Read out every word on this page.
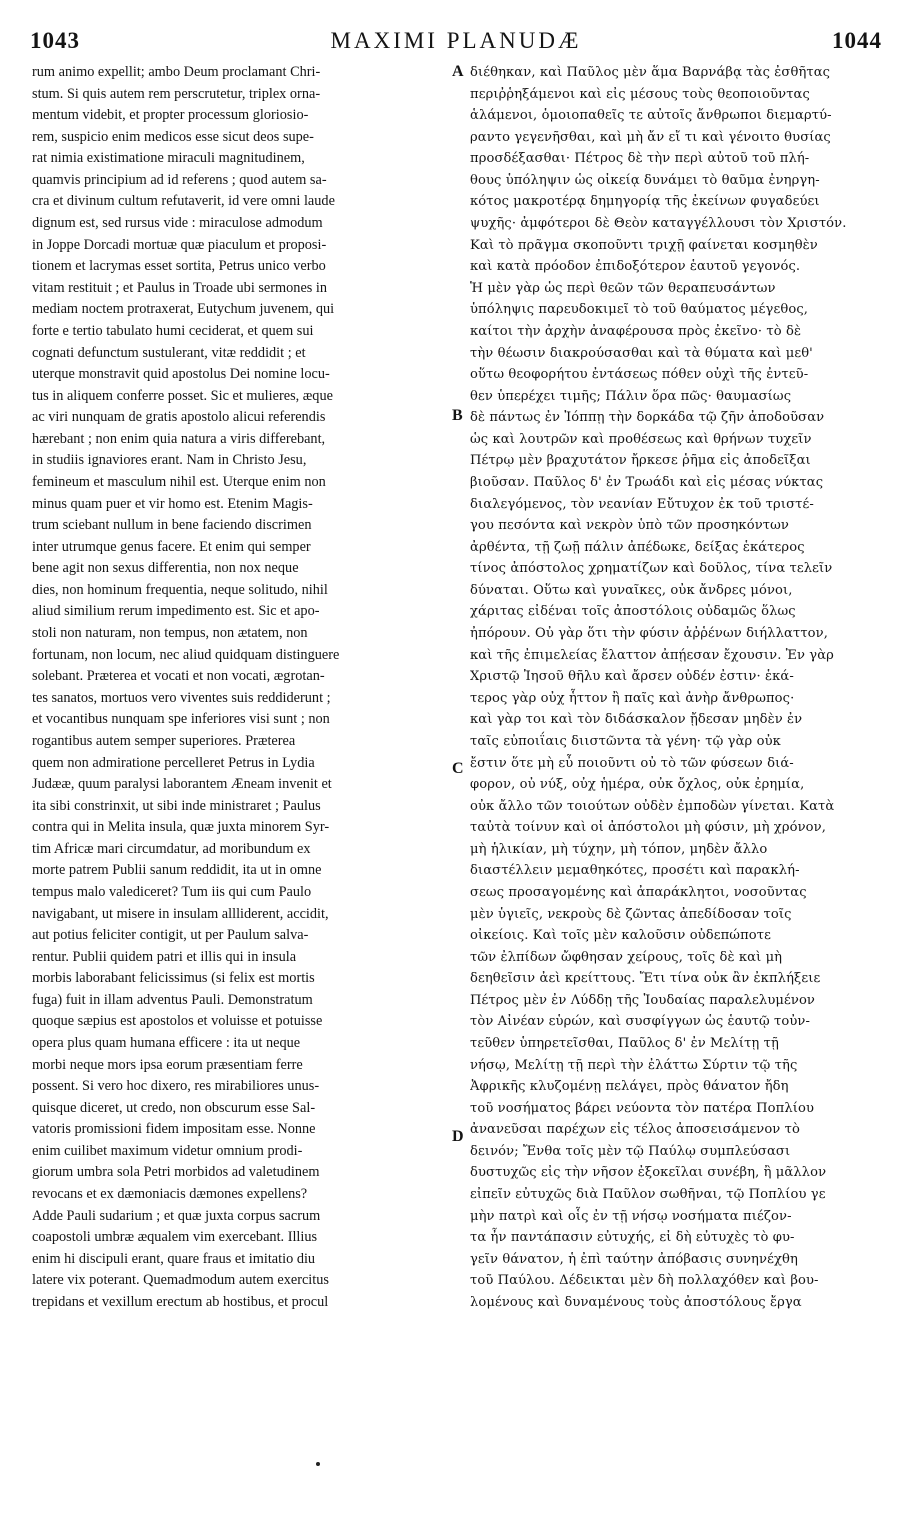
1043	MAXIMI PLANUDÆ	1044
rum animo expellit; ambo Deum proclamant Chri-
stum. Si quis autem rem perscrutetur, triplex orna-
mentum videbit, et propter processum gloriosio-
rem, suspicio enim medicos esse sicut deos supe-
rat nimia existimatione miraculi magnitudinem,
quamvis principium ad id referens ; quod autem sa-
cra et divinum cultum refutaverit, id vere omni laude
dignum est, sed rursus vide : miraculose admodum
in Joppe Dorcadi mortuæ quæ piaculum et proposi-
tionem et lacrymas esset sortita, Petrus unico verbo
vitam restituit ; et Paulus in Troade ubi sermones in
mediam noctem protraxerat, Eutychum juvenem, qui
forte e tertio tabulato humi ceciderat, et quem sui
cognati defunctum sustulerant, vitæ reddidit ; et
uterque monstravit quid apostolus Dei nomine locu-
tus in aliquem conferre posset. Sic et mulieres, æque
ac viri nunquam de gratis apostolo alicui referendis
hærebant ; non enim quia natura a viris differebant,
in studiis ignaviores erant. Nam in Christo Jesu,
femineum et masculum nihil est. Uterque enim non
minus quam puer et vir homo est. Etenim Magis-
trum sciebant nullum in bene faciendo discrimen
inter utrumque genus facere. Et enim qui semper
bene agit non sexus differentia, non nox neque
dies, non hominum frequentia, neque solitudo, nihil
aliud similium rerum impedimento est. Sic et apo-
stoli non naturam, non tempus, non ætatem, non
fortunam, non locum, nec aliud quidquam distinguere
solebant. Præterea et vocati et non vocati, ægrotan-
tes sanatos, mortuos vero viventes suis reddiderunt ;
et vocantibus nunquam spe inferiores visi sunt ; non
rogantibus autem semper superiores. Præterea
quem non admiratione percelleret Petrus in Lydia
Judææ, quum paralysi laborantem Æneam invenit et
ita sibi constrinxit, ut sibi inde ministraret ; Paulus
contra qui in Melita insula, quæ juxta minorem Syr-
tim Africæ mari circumdatur, ad moribundum ex
morte patrem Publii sanum reddidit, ita ut in omne
tempus malo valediceret? Tum iis qui cum Paulo
navigabant, ut misere in insulam allliderent, accidit,
aut potius feliciter contigit, ut per Paulum salva-
rentur. Publii quidem patri et illis qui in insula
morbis laborabant felicissimus (si felix est mortis
fuga) fuit in illam adventus Pauli. Demonstratum
quoque sæpius est apostolos et voluisse et potuisse
opera plus quam humana efficere : ita ut neque
morbi neque mors ipsa eorum præsentiam ferre
possent. Si vero hoc dixero, res mirabiliores unus-
quisque diceret, ut credo, non obscurum esse Sal-
vatoris promissioni fidem impositam esse. Nonne
enim cuilibet maximum videtur omnium prodi-
giorum umbra sola Petri morbidos ad valetudinem
revocans et ex dæmoniacis dæmones expellens?
Adde Pauli sudarium ; et quæ juxta corpus sacrum
coapostoli umbræ æqualem vim exercebant. Illius
enim hi discipuli erant, quare fraus et imitatio diu
latere vix poterant. Quemadmodum autem exercitus
trepidans et vexillum erectum ab hostibus, et procul
διέθηκαν, καὶ Παῦλος μὲν ἅμα Βαρνάβᾳ τὰς ἐσθῆτας
περιῤῥηξάμενοι καὶ εἰς μέσους τοὺς θεοποιοῦντας
ἁλάμενοι, ὁμοιοπαθεῖς τε αὐτοῖς ἄνθρωποι διεμαρτύ-
ραντο γεγενῆσθαι, καὶ μὴ ἄν εἴ τι καὶ γένοιτο θυσίας
προσδέξασθαι· Πέτρος δὲ τὴν περὶ αὐτοῦ τοῦ πλή-
θους ὑπόληψιν ὡς οἰκείᾳ δυνάμει τὸ θαῦμα ἐνηργη-
κότος μακροτέρᾳ δημηγορίᾳ τῆς ἐκείνων φυγαδεύει
ψυχῆς· ἀμφότεροι δὲ Θεὸν καταγγέλλουσι τὸν Χριστόν.
Καὶ τὸ πρᾶγμα σκοποῦντι τριχῇ φαίνεται κοσμηθὲν
καὶ κατὰ πρόοδον ἐπιδοξότερον ἑαυτοῦ γεγονός.
Ἡ μὲν γὰρ ὡς περὶ θεῶν τῶν θεραπευσάντων
ὑπόληψις παρευδοκιμεῖ τὸ τοῦ θαύματος μέγεθος,
καίτοι τὴν ἀρχὴν ἀναφέρουσα πρὸς ἐκεῖνο· τὸ δὲ
τὴν θέωσιν διακρούσασθαι καὶ τὰ θύματα καὶ μεθ'
οὕτω θεοφορήτου ἐντάσεως πόθεν οὐχὶ τῆς ἐντεῦ-
θεν ὑπερέχει τιμῆς; Πάλιν ὅρα πῶς· θαυμασίως
δὲ πάντως ἐν Ἰόππῃ τὴν δορκάδα τῷ ζῆν ἀποδοῦσαν
ὡς καὶ λουτρῶν καὶ προθέσεως καὶ θρήνων τυχεῖν
Πέτρῳ μὲν βραχυτάτον ἤρκεσε ῥῆμα εἰς ἀποδεῖξαι
βιοῦσαν. Παῦλος δ' ἐν Τρωάδι καὶ εἰς μέσας νύκτας
διαλεγόμενος, τὸν νεανίαν Εὔτυχον ἐκ τοῦ τριστέ-
γου πεσόντα καὶ νεκρὸν ὑπὸ τῶν προσηκόντων
ἀρθέντα, τῇ ζωῇ πάλιν ἀπέδωκε, δείξας ἑκάτερος
τίνος ἀπόστολος χρηματίζων καὶ δοῦλος, τίνα τελεῖν
δύναται. Οὕτω καὶ γυναῖκες, οὐκ ἄνδρες μόνοι,
χάριτας εἰδέναι τοῖς ἀποστόλοις οὐδαμῶς ὅλως
ἠπόρουν. Οὐ γὰρ ὅτι τὴν φύσιν ἀῤῥένων διήλλαττον,
καὶ τῆς ἐπιμελείας ἔλαττον ἀπῄεσαν ἔχουσιν. Ἐν γὰρ
Χριστῷ Ἰησοῦ θῆλυ καὶ ἄρσεν οὐδέν ἐστιν· ἑκά-
τερος γὰρ οὐχ ἧττον ἢ παῖς καὶ ἀνὴρ ἄνθρωπος·
καὶ γὰρ τοι καὶ τὸν διδάσκαλον ᾔδεσαν μηδὲν ἐν
ταῖς εὐποιΐαις διιστῶντα τὰ γένη· τῷ γὰρ οὐκ
ἔστιν ὅτε μὴ εὖ ποιοῦντι οὐ τὸ τῶν φύσεων διά-
φορον, οὐ νύξ, οὐχ ἡμέρα, οὐκ ὄχλος, οὐκ ἐρημία,
οὐκ ἄλλο τῶν τοιούτων οὐδὲν ἐμποδὼν γίνεται. Κατὰ
ταὐτὰ τοίνυν καὶ οἱ ἀπόστολοι μὴ φύσιν, μὴ χρόνον,
μὴ ἡλικίαν, μὴ τύχην, μὴ τόπον, μηδὲν ἄλλο
διαστέλλειν μεμαθηκότες, προσέτι καὶ παρακλή-
σεως προσαγομένης καὶ ἀπαράκλητοι, νοσοῦντας
μὲν ὑγιεῖς, νεκροὺς δὲ ζῶντας ἀπεδίδοσαν τοῖς
οἰκείοις. Καὶ τοῖς μὲν καλοῦσιν οὐδεπώποτε
τῶν ἐλπίδων ὤφθησαν χείρους, τοῖς δὲ καὶ μὴ
δεηθεῖσιν ἀεὶ κρείττους. Ἔτι τίνα οὐκ ἂν ἐκπλήξειε
Πέτρος μὲν ἐν Λύδδῃ τῆς Ἰουδαίας παραλελυμένον
τὸν Αἰνέαν εὑρών, καὶ συσφίγγων ὡς ἑαυτῷ τοὐν-
τεῦθεν ὑπηρετεῖσθαι, Παῦλος δ' ἐν Μελίτῃ τῇ
νήσῳ, Μελίτῃ τῇ περὶ τὴν ἐλάττω Σύρτιν τῷ τῆς
Ἀφρικῆς κλυζομένῃ πελάγει, πρὸς θάνατον ἤδη
τοῦ νοσήματος βάρει νεύοντα τὸν πατέρα Ποπλίου
ἀνανεῦσαι παρέχων εἰς τέλος ἀποσεισάμενον τὸ
δεινόν; Ἔνθα τοῖς μὲν τῷ Παύλῳ συμπλεύσασι
δυστυχῶς εἰς τὴν νῆσον ἐξοκεῖλαι συνέβη, ἢ μᾶλλον
εἰπεῖν εὐτυχῶς διὰ Παῦλον σωθῆναι, τῷ Ποπλίου γε
μὴν πατρὶ καὶ οἷς ἐν τῇ νήσῳ νοσήματα πιέζον-
τα ἦν παντάπασιν εὐτυχής, εἰ δὴ εὐτυχὲς τὸ φυ-
γεῖν θάνατον, ἡ ἐπὶ ταύτην ἀπόβασις συνηνέχθη
τοῦ Παύλου. Δέδεικται μὲν δὴ πολλαχόθεν καὶ βου-
λομένους καὶ δυναμένους τοὺς ἀποστόλους ἔργα
A
B
C
D
